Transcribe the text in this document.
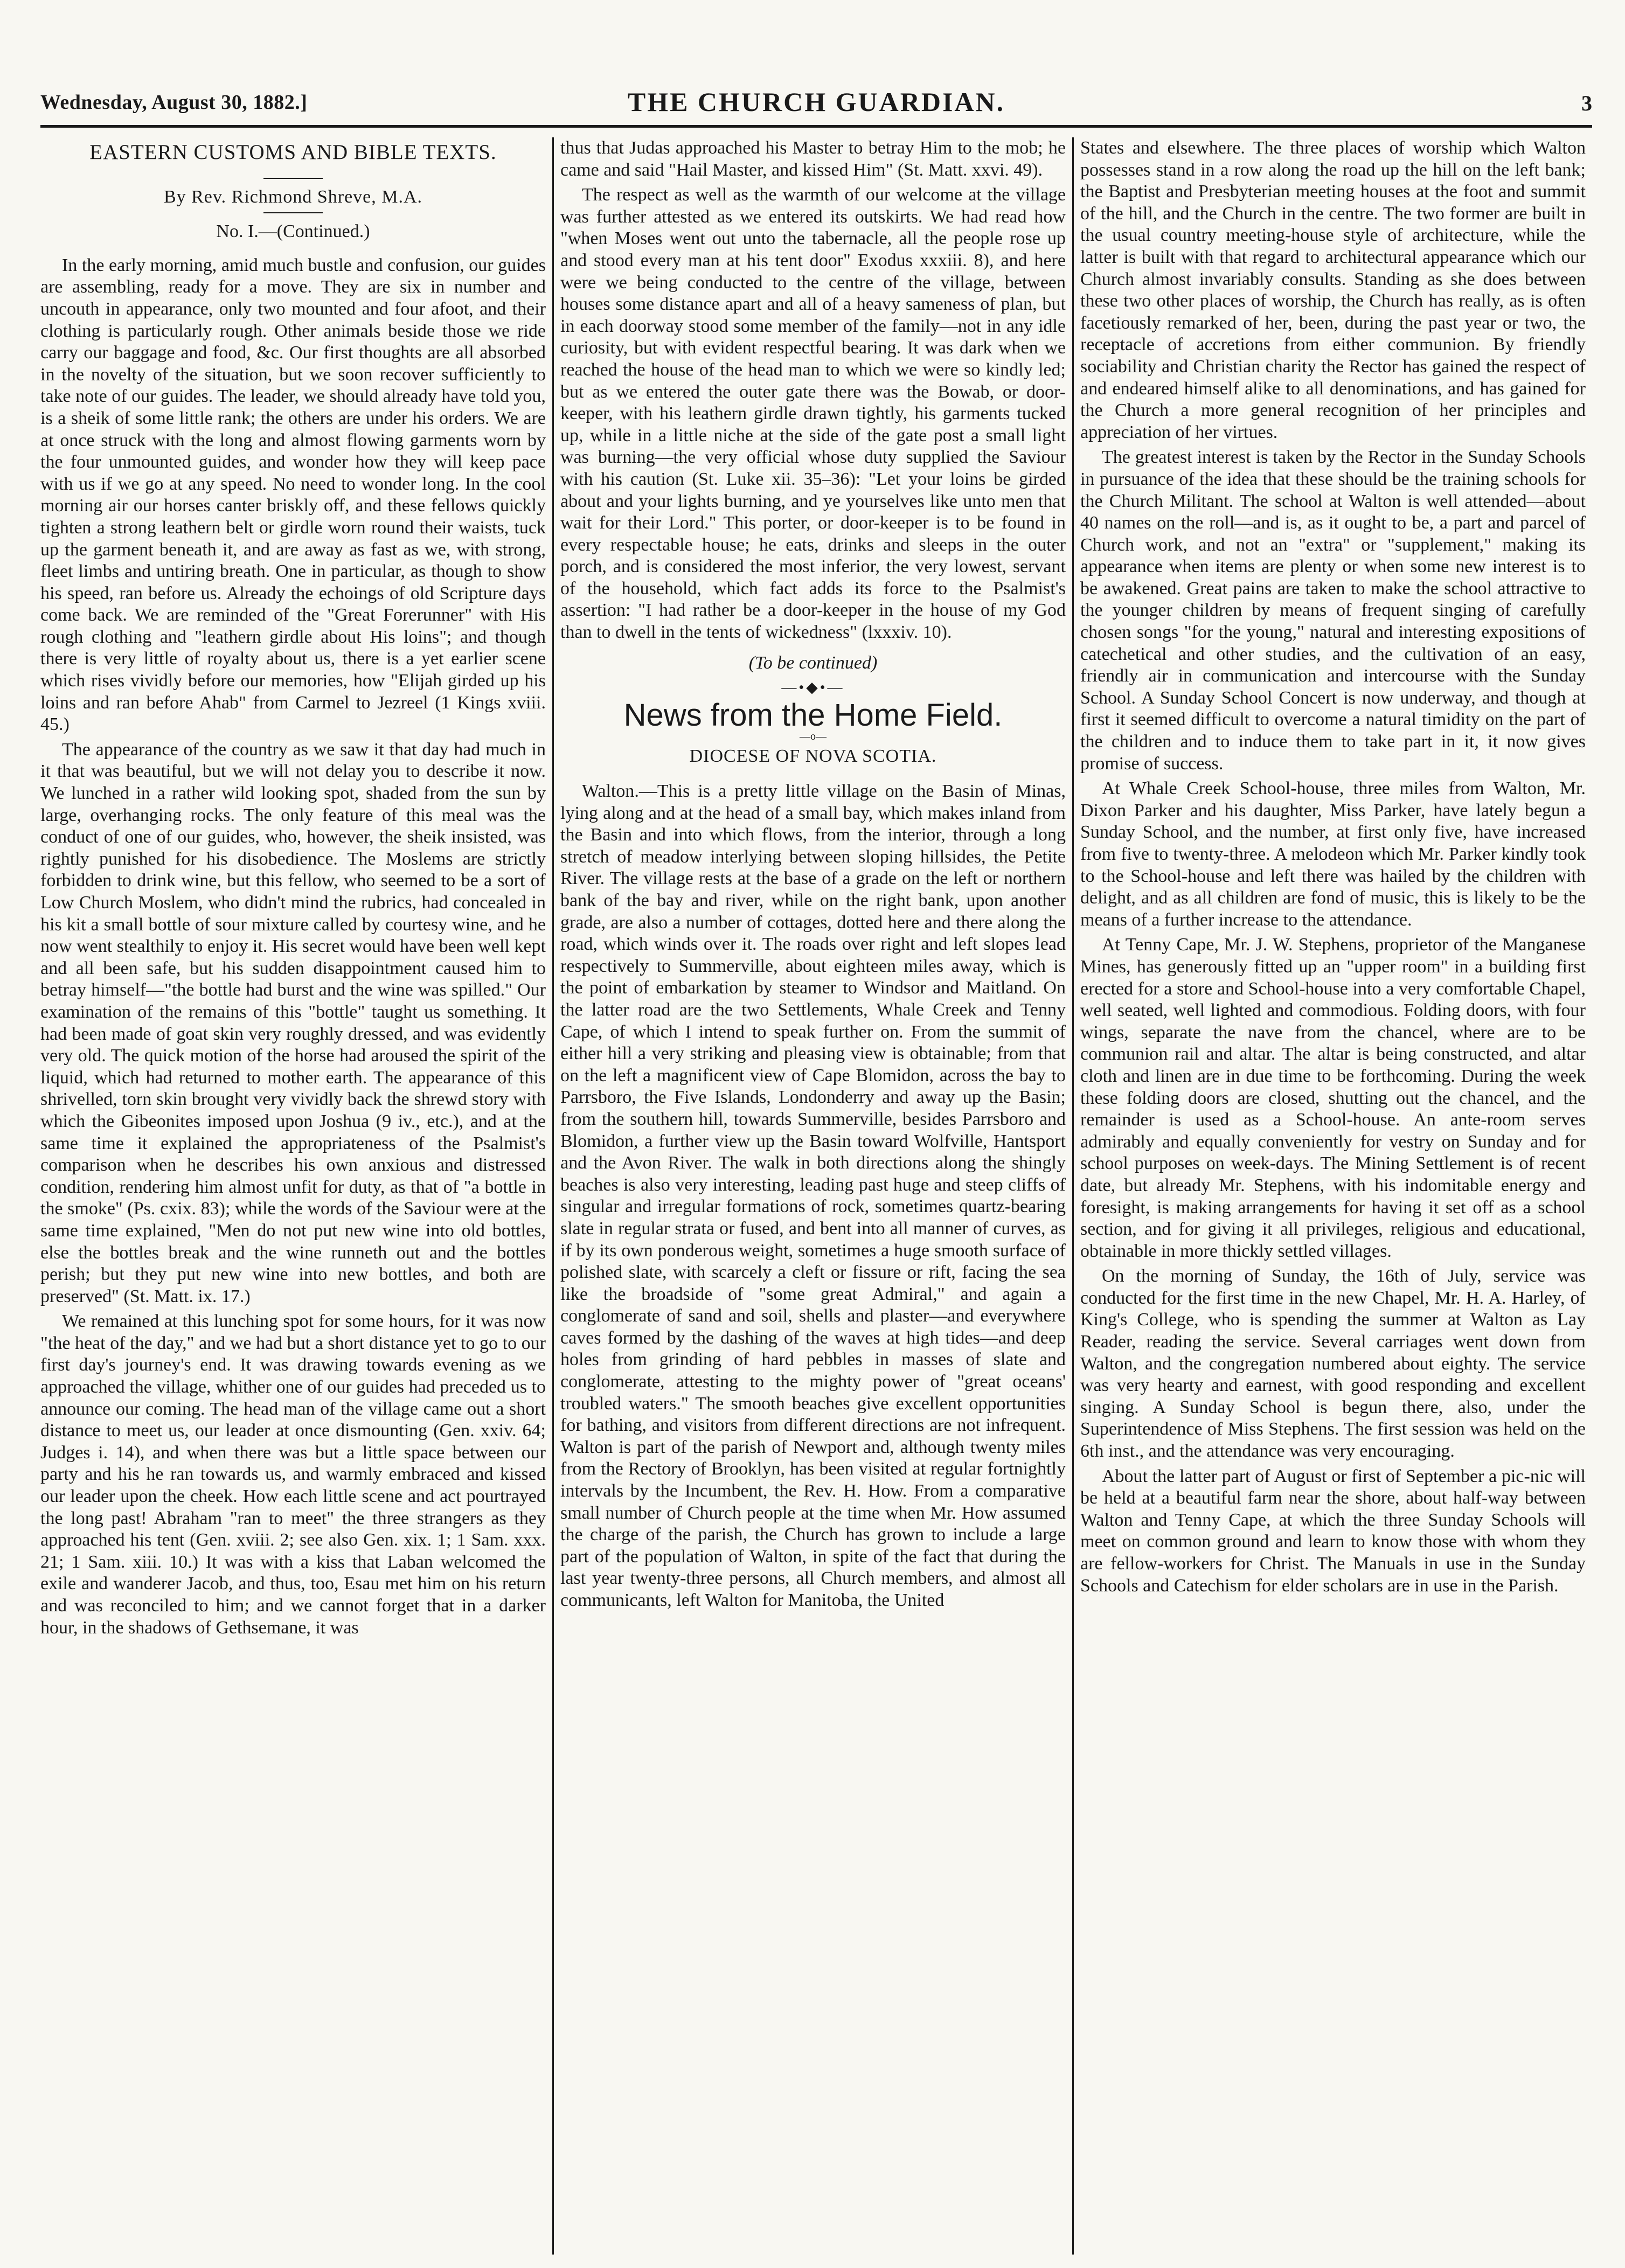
Wednesday, August 30, 1882.]	THE CHURCH GUARDIAN.	3
EASTERN CUSTOMS AND BIBLE TEXTS.
By Rev. Richmond Shreve, M.A.
No. I.—(Continued.)

In the early morning, amid much bustle and confusion, our guides are assembling, ready for a move. They are six in number and uncouth in appearance, only two mounted and four afoot, and their clothing is particularly rough. Other animals beside those we ride carry our baggage and food, &c. Our first thoughts are all absorbed in the novelty of the situation, but we soon recover sufficiently to take note of our guides. The leader, we should already have told you, is a sheik of some little rank; the others are under his orders. We are at once struck with the long and almost flowing garments worn by the four unmounted guides, and wonder how they will keep pace with us if we go at any speed. No need to wonder long. In the cool morning air our horses canter briskly off, and these fellows quickly tighten a strong leathern belt or girdle worn round their waists, tuck up the garment beneath it, and are away as fast as we, with strong, fleet limbs and untiring breath. One in particular, as though to show his speed, ran before us. Already the echoings of old Scripture days come back. We are reminded of the "Great Forerunner" with His rough clothing and "leathern girdle about His loins"; and though there is very little of royalty about us, there is a yet earlier scene which rises vividly before our memories, how "Elijah girded up his loins and ran before Ahab" from Carmel to Jezreel (1 Kings xviii. 45.)

The appearance of the country as we saw it that day had much in it that was beautiful, but we will not delay you to describe it now. We lunched in a rather wild looking spot, shaded from the sun by large, overhanging rocks. The only feature of this meal was the conduct of one of our guides, who, however, the sheik insisted, was rightly punished for his disobedience. The Moslems are strictly forbidden to drink wine, but this fellow, who seemed to be a sort of Low Church Moslem, who didn't mind the rubrics, had concealed in his kit a small bottle of sour mixture called by courtesy wine, and he now went stealthily to enjoy it. His secret would have been well kept and all been safe, but his sudden disappointment caused him to betray himself—"the bottle had burst and the wine was spilled." Our examination of the remains of this "bottle" taught us something. It had been made of goat skin very roughly dressed, and was evidently very old. The quick motion of the horse had aroused the spirit of the liquid, which had returned to mother earth. The appearance of this shrivelled, torn skin brought very vividly back the shrewd story with which the Gibeonites imposed upon Joshua (9 iv., etc.), and at the same time it explained the appropriateness of the Psalmist's comparison when he describes his own anxious and distressed condition, rendering him almost unfit for duty, as that of "a bottle in the smoke" (Ps. cxix. 83); while the words of the Saviour were at the same time explained, "Men do not put new wine into old bottles, else the bottles break and the wine runneth out and the bottles perish; but they put new wine into new bottles, and both are preserved" (St. Matt. ix. 17.)

We remained at this lunching spot for some hours, for it was now "the heat of the day," and we had but a short distance yet to go to our first day's journey's end. It was drawing towards evening as we approached the village, whither one of our guides had preceded us to announce our coming. The head man of the village came out a short distance to meet us, our leader at once dismounting (Gen. xxiv. 64; Judges i. 14), and when there was but a little space between our party and his he ran towards us, and warmly embraced and kissed our leader upon the cheek. How each little scene and act pourtrayed the long past! Abraham "ran to meet" the three strangers as they approached his tent (Gen. xviii. 2; see also Gen. xix. 1; 1 Sam. xxx. 21; 1 Sam. xiii. 10.) It was with a kiss that Laban welcomed the exile and wanderer Jacob, and thus, too, Esau met him on his return and was reconciled to him; and we cannot forget that in a darker hour, in the shadows of Gethsemane, it was

thus that Judas approached his Master to betray Him to the mob; he came and said "Hail Master, and kissed Him" (St. Matt. xxvi. 49).

The respect as well as the warmth of our welcome at the village was further attested as we entered its outskirts. We had read how "when Moses went out unto the tabernacle, all the people rose up and stood every man at his tent door" Exodus xxxiii. 8), and here were we being conducted to the centre of the village, between houses some distance apart and all of a heavy sameness of plan, but in each doorway stood some member of the family—not in any idle curiosity, but with evident respectful bearing. It was dark when we reached the house of the head man to which we were so kindly led; but as we entered the outer gate there was the Bowab, or door-keeper, with his leathern girdle drawn tightly, his garments tucked up, while in a little niche at the side of the gate post a small light was burning—the very official whose duty supplied the Saviour with his caution (St. Luke xii. 35–36): "Let your loins be girded about and your lights burning, and ye yourselves like unto men that wait for their Lord." This porter, or door-keeper is to be found in every respectable house; he eats, drinks and sleeps in the outer porch, and is considered the most inferior, the very lowest, servant of the household, which fact adds its force to the Psalmist's assertion: "I had rather be a door-keeper in the house of my God than to dwell in the tents of wickedness" (lxxxiv. 10).

(To be continued)
—•◆•—
News from the Home Field.
—o—
DIOCESE OF NOVA SCOTIA.

Walton.—This is a pretty little village on the Basin of Minas, lying along and at the head of a small bay, which makes inland from the Basin and into which flows, from the interior, through a long stretch of meadow interlying between sloping hillsides, the Petite River. The village rests at the base of a grade on the left or northern bank of the bay and river, while on the right bank, upon another grade, are also a number of cottages, dotted here and there along the road, which winds over it. The roads over right and left slopes lead respectively to Summerville, about eighteen miles away, which is the point of embarkation by steamer to Windsor and Maitland. On the latter road are the two Settlements, Whale Creek and Tenny Cape, of which I intend to speak further on. From the summit of either hill a very striking and pleasing view is obtainable; from that on the left a magnificent view of Cape Blomidon, across the bay to Parrsboro, the Five Islands, Londonderry and away up the Basin; from the southern hill, towards Summerville, besides Parrsboro and Blomidon, a further view up the Basin toward Wolfville, Hantsport and the Avon River. The walk in both directions along the shingly beaches is also very interesting, leading past huge and steep cliffs of singular and irregular formations of rock, sometimes quartz-bearing slate in regular strata or fused, and bent into all manner of curves, as if by its own ponderous weight, sometimes a huge smooth surface of polished slate, with scarcely a cleft or fissure or rift, facing the sea like the broadside of "some great Admiral," and again a conglomerate of sand and soil, shells and plaster—and everywhere caves formed by the dashing of the waves at high tides—and deep holes from grinding of hard pebbles in masses of slate and conglomerate, attesting to the mighty power of "great oceans' troubled waters." The smooth beaches give excellent opportunities for bathing, and visitors from different directions are not infrequent. Walton is part of the parish of Newport and, although twenty miles from the Rectory of Brooklyn, has been visited at regular fortnightly intervals by the Incumbent, the Rev. H. How. From a comparative small number of Church people at the time when Mr. How assumed the charge of the parish, the Church has grown to include a large part of the population of Walton, in spite of the fact that during the last year twenty-three persons, all Church members, and almost all communicants, left Walton for Manitoba, the United

States and elsewhere. The three places of worship which Walton possesses stand in a row along the road up the hill on the left bank; the Baptist and Presbyterian meeting houses at the foot and summit of the hill, and the Church in the centre. The two former are built in the usual country meeting-house style of architecture, while the latter is built with that regard to architectural appearance which our Church almost invariably consults. Standing as she does between these two other places of worship, the Church has really, as is often facetiously remarked of her, been, during the past year or two, the receptacle of accretions from either communion. By friendly sociability and Christian charity the Rector has gained the respect of and endeared himself alike to all denominations, and has gained for the Church a more general recognition of her principles and appreciation of her virtues.

The greatest interest is taken by the Rector in the Sunday Schools in pursuance of the idea that these should be the training schools for the Church Militant. The school at Walton is well attended—about 40 names on the roll—and is, as it ought to be, a part and parcel of Church work, and not an "extra" or "supplement," making its appearance when items are plenty or when some new interest is to be awakened. Great pains are taken to make the school attractive to the younger children by means of frequent singing of carefully chosen songs "for the young," natural and interesting expositions of catechetical and other studies, and the cultivation of an easy, friendly air in communication and intercourse with the Sunday School. A Sunday School Concert is now underway, and though at first it seemed difficult to overcome a natural timidity on the part of the children and to induce them to take part in it, it now gives promise of success.

At Whale Creek School-house, three miles from Walton, Mr. Dixon Parker and his daughter, Miss Parker, have lately begun a Sunday School, and the number, at first only five, have increased from five to twenty-three. A melodeon which Mr. Parker kindly took to the School-house and left there was hailed by the children with delight, and as all children are fond of music, this is likely to be the means of a further increase to the attendance.

At Tenny Cape, Mr. J. W. Stephens, proprietor of the Manganese Mines, has generously fitted up an "upper room" in a building first erected for a store and School-house into a very comfortable Chapel, well seated, well lighted and commodious. Folding doors, with four wings, separate the nave from the chancel, where are to be communion rail and altar. The altar is being constructed, and altar cloth and linen are in due time to be forthcoming. During the week these folding doors are closed, shutting out the chancel, and the remainder is used as a School-house. An ante-room serves admirably and equally conveniently for vestry on Sunday and for school purposes on week-days. The Mining Settlement is of recent date, but already Mr. Stephens, with his indomitable energy and foresight, is making arrangements for having it set off as a school section, and for giving it all privileges, religious and educational, obtainable in more thickly settled villages.

On the morning of Sunday, the 16th of July, service was conducted for the first time in the new Chapel, Mr. H. A. Harley, of King's College, who is spending the summer at Walton as Lay Reader, reading the service. Several carriages went down from Walton, and the congregation numbered about eighty. The service was very hearty and earnest, with good responding and excellent singing. A Sunday School is begun there, also, under the Superintendence of Miss Stephens. The first session was held on the 6th inst., and the attendance was very encouraging.

About the latter part of August or first of September a pic-nic will be held at a beautiful farm near the shore, about half-way between Walton and Tenny Cape, at which the three Sunday Schools will meet on common ground and learn to know those with whom they are fellow-workers for Christ. The Manuals in use in the Sunday Schools and Catechism for elder scholars are in use in the Parish.
